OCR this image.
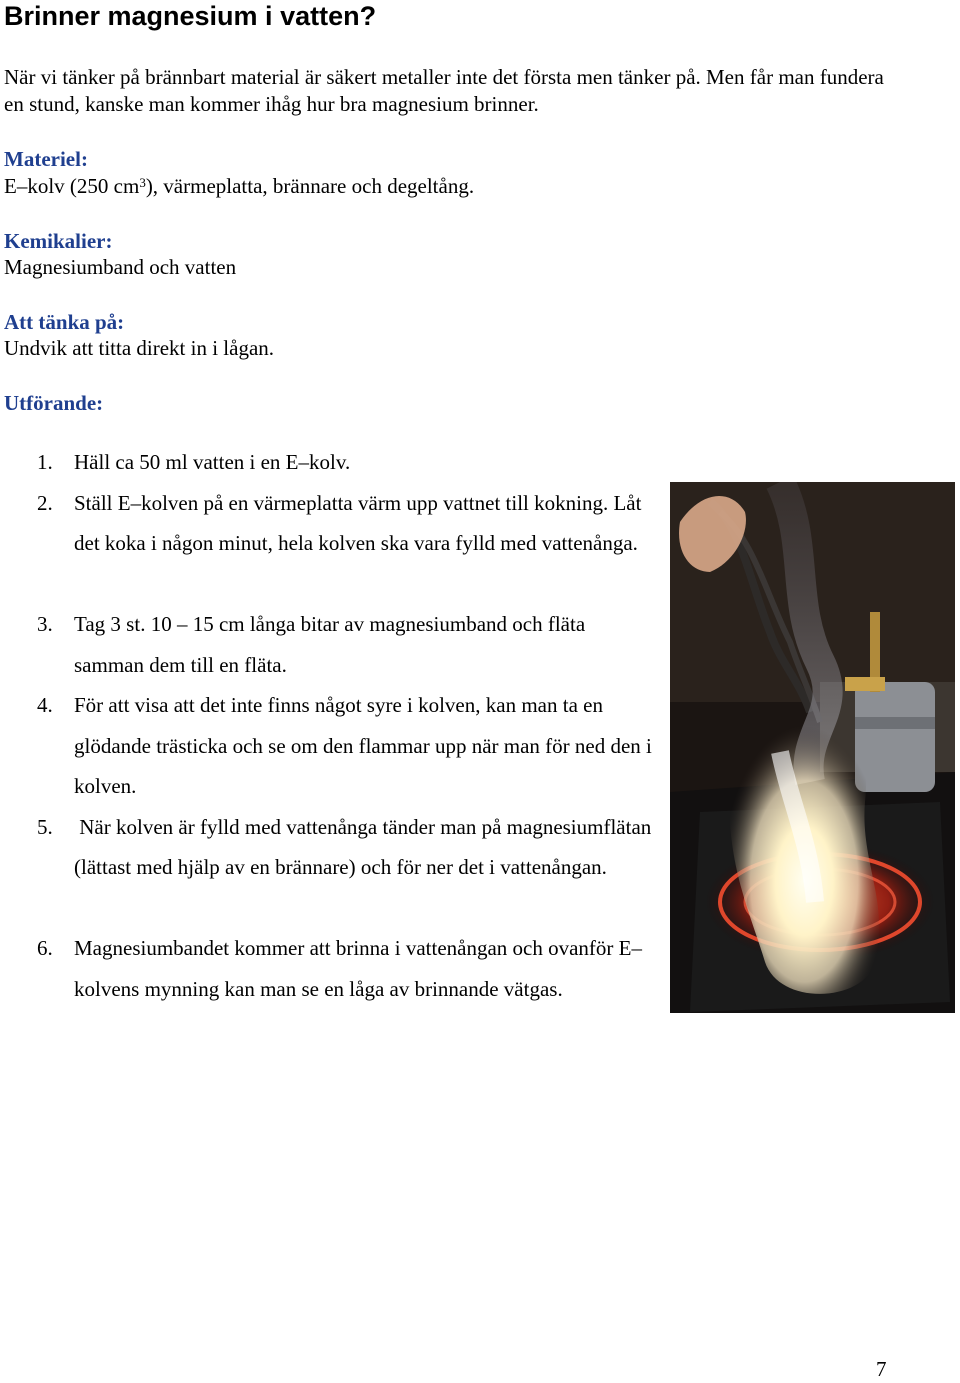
Brinner magnesium i vatten?

När vi tänker på brännbart material är säkert metaller inte det första men tänker på. Men får man fundera en stund, kanske man kommer ihåg hur bra magnesium brinner.

Materiel:

E–kolv (250 $cm^3$), värmeplatta, brännare och degeltång.

Kemikalier:

Magnesiumband och vatten

Att tänka på:

Undvik att titta direkt in i lågan.

Utförande:

1. Häll ca 50 ml vatten i en E–kolv.
2. Ställ E–kolven på en värmeplatta värm upp vattnet till kokning. Låt det koka i någon minut, hela kolven ska vara fylld med vattenånga.
3. Tag 3 st. 10 – 15 cm långa bitar av magnesiumband och fläta samman dem till en fläta.
4. För att visa att det inte finns något syre i kolven, kan man ta en glödande trästicka och se om den flammar upp när man för ned den i kolven.
5. När kolven är fylld med vattenånga tänder man på magnesiumflätan (lättast med hjälp av en brännare) och för ner det i vattenångan.
6. Magnesiumbandet kommer att brinna i vattenångan och ovanför E–kolvens mynning kan man se en låga av brinnande vätgas.
7
